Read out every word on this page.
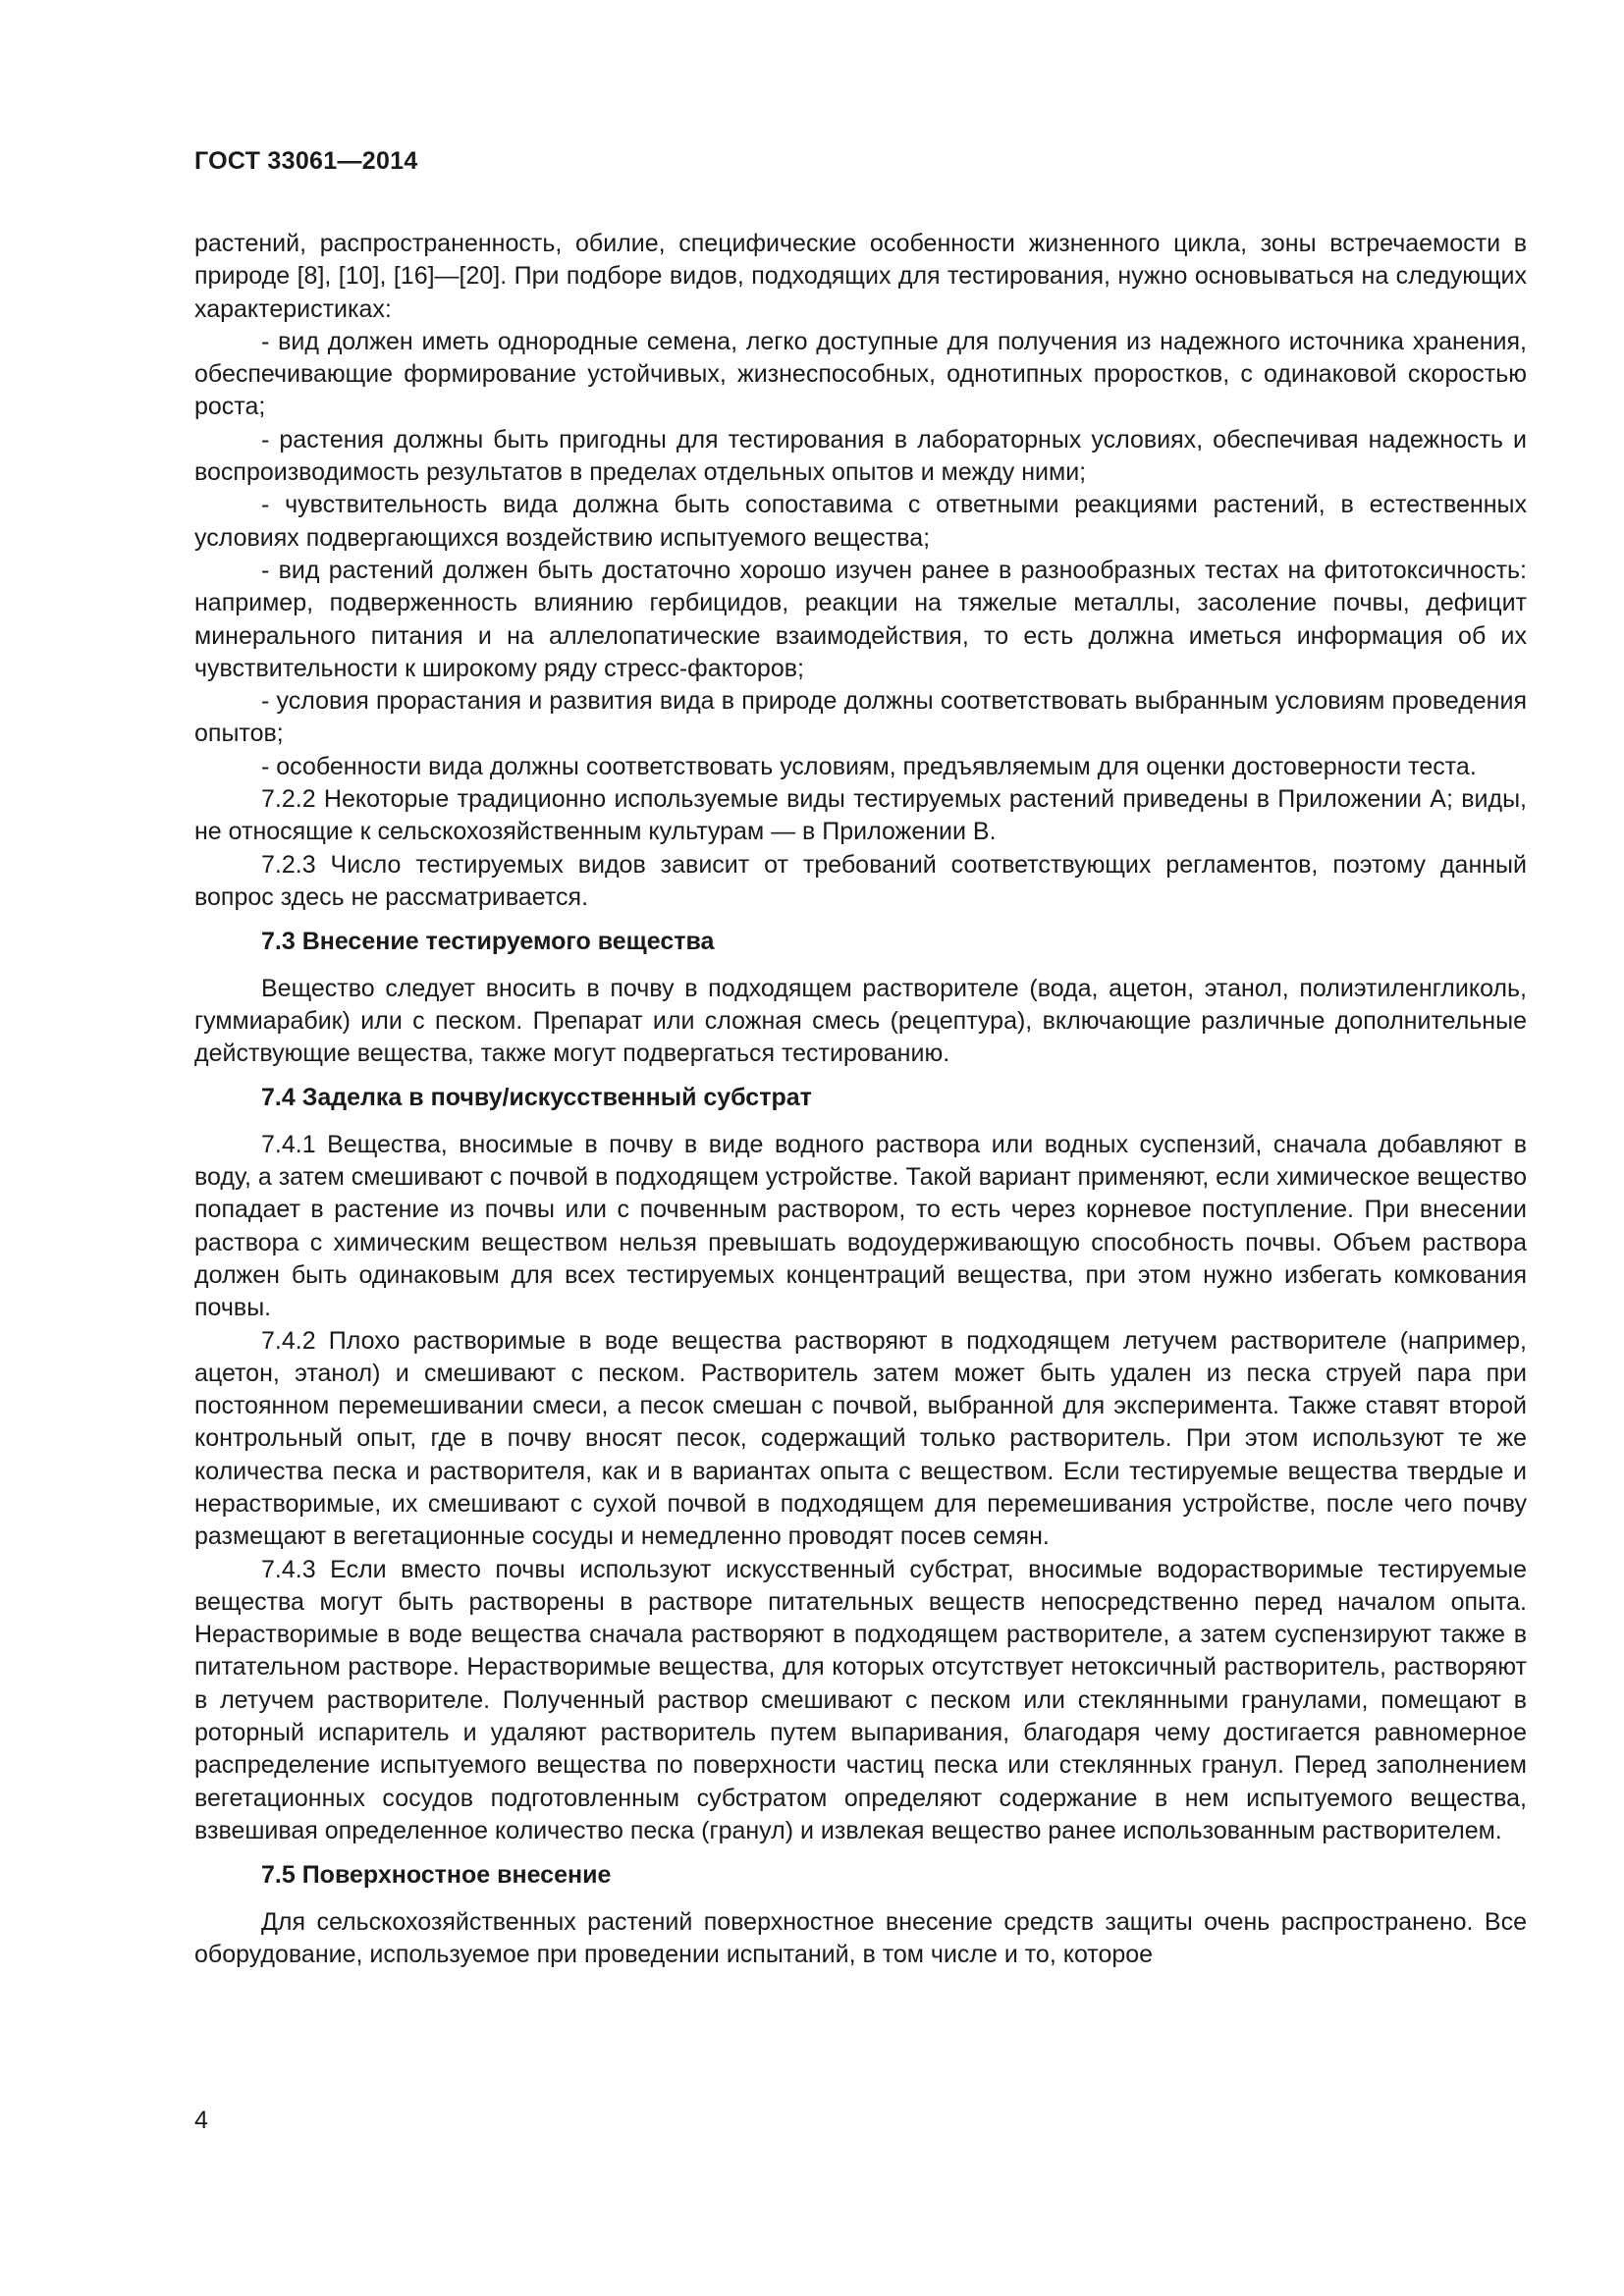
ГОСТ 33061—2014

растений, распространенность, обилие, специфические особенности жизненного цикла, зоны встречаемости в природе [8], [10], [16]—[20]. При подборе видов, подходящих для тестирования, нужно основываться на следующих характеристиках:

- вид должен иметь однородные семена, легко доступные для получения из надежного источника хранения, обеспечивающие формирование устойчивых, жизнеспособных, однотипных проростков, с одинаковой скоростью роста;

- растения должны быть пригодны для тестирования в лабораторных условиях, обеспечивая надежность и воспроизводимость результатов в пределах отдельных опытов и между ними;

- чувствительность вида должна быть сопоставима с ответными реакциями растений, в естественных условиях подвергающихся воздействию испытуемого вещества;

- вид растений должен быть достаточно хорошо изучен ранее в разнообразных тестах на фитотоксичность: например, подверженность влиянию гербицидов, реакции на тяжелые металлы, засоление почвы, дефицит минерального питания и на аллелопатические взаимодействия, то есть должна иметься информация об их чувствительности к широкому ряду стресс-факторов;

- условия прорастания и развития вида в природе должны соответствовать выбранным условиям проведения опытов;

- особенности вида должны соответствовать условиям, предъявляемым для оценки достоверности теста.

7.2.2 Некоторые традиционно используемые виды тестируемых растений приведены в Приложении А; виды, не относящие к сельскохозяйственным культурам — в Приложении В.

7.2.3 Число тестируемых видов зависит от требований соответствующих регламентов, поэтому данный вопрос здесь не рассматривается.

7.3 Внесение тестируемого вещества

Вещество следует вносить в почву в подходящем растворителе (вода, ацетон, этанол, полиэтиленгликоль, гуммиарабик) или с песком. Препарат или сложная смесь (рецептура), включающие различные дополнительные действующие вещества, также могут подвергаться тестированию.

7.4 Заделка в почву/искусственный субстрат

7.4.1 Вещества, вносимые в почву в виде водного раствора или водных суспензий, сначала добавляют в воду, а затем смешивают с почвой в подходящем устройстве. Такой вариант применяют, если химическое вещество попадает в растение из почвы или с почвенным раствором, то есть через корневое поступление. При внесении раствора с химическим веществом нельзя превышать водоудерживающую способность почвы. Объем раствора должен быть одинаковым для всех тестируемых концентраций вещества, при этом нужно избегать комкования почвы.

7.4.2 Плохо растворимые в воде вещества растворяют в подходящем летучем растворителе (например, ацетон, этанол) и смешивают с песком. Растворитель затем может быть удален из песка струей пара при постоянном перемешивании смеси, а песок смешан с почвой, выбранной для эксперимента. Также ставят второй контрольный опыт, где в почву вносят песок, содержащий только растворитель. При этом используют те же количества песка и растворителя, как и в вариантах опыта с веществом. Если тестируемые вещества твердые и нерастворимые, их смешивают с сухой почвой в подходящем для перемешивания устройстве, после чего почву размещают в вегетационные сосуды и немедленно проводят посев семян.

7.4.3 Если вместо почвы используют искусственный субстрат, вносимые водорастворимые тестируемые вещества могут быть растворены в растворе питательных веществ непосредственно перед началом опыта. Нерастворимые в воде вещества сначала растворяют в подходящем растворителе, а затем суспензируют также в питательном растворе. Нерастворимые вещества, для которых отсутствует нетоксичный растворитель, растворяют в летучем растворителе. Полученный раствор смешивают с песком или стеклянными гранулами, помещают в роторный испаритель и удаляют растворитель путем выпаривания, благодаря чему достигается равномерное распределение испытуемого вещества по поверхности частиц песка или стеклянных гранул. Перед заполнением вегетационных сосудов подготовленным субстратом определяют содержание в нем испытуемого вещества, взвешивая определенное количество песка (гранул) и извлекая вещество ранее использованным растворителем.

7.5 Поверхностное внесение

Для сельскохозяйственных растений поверхностное внесение средств защиты очень распространено. Все оборудование, используемое при проведении испытаний, в том числе и то, которое

4
